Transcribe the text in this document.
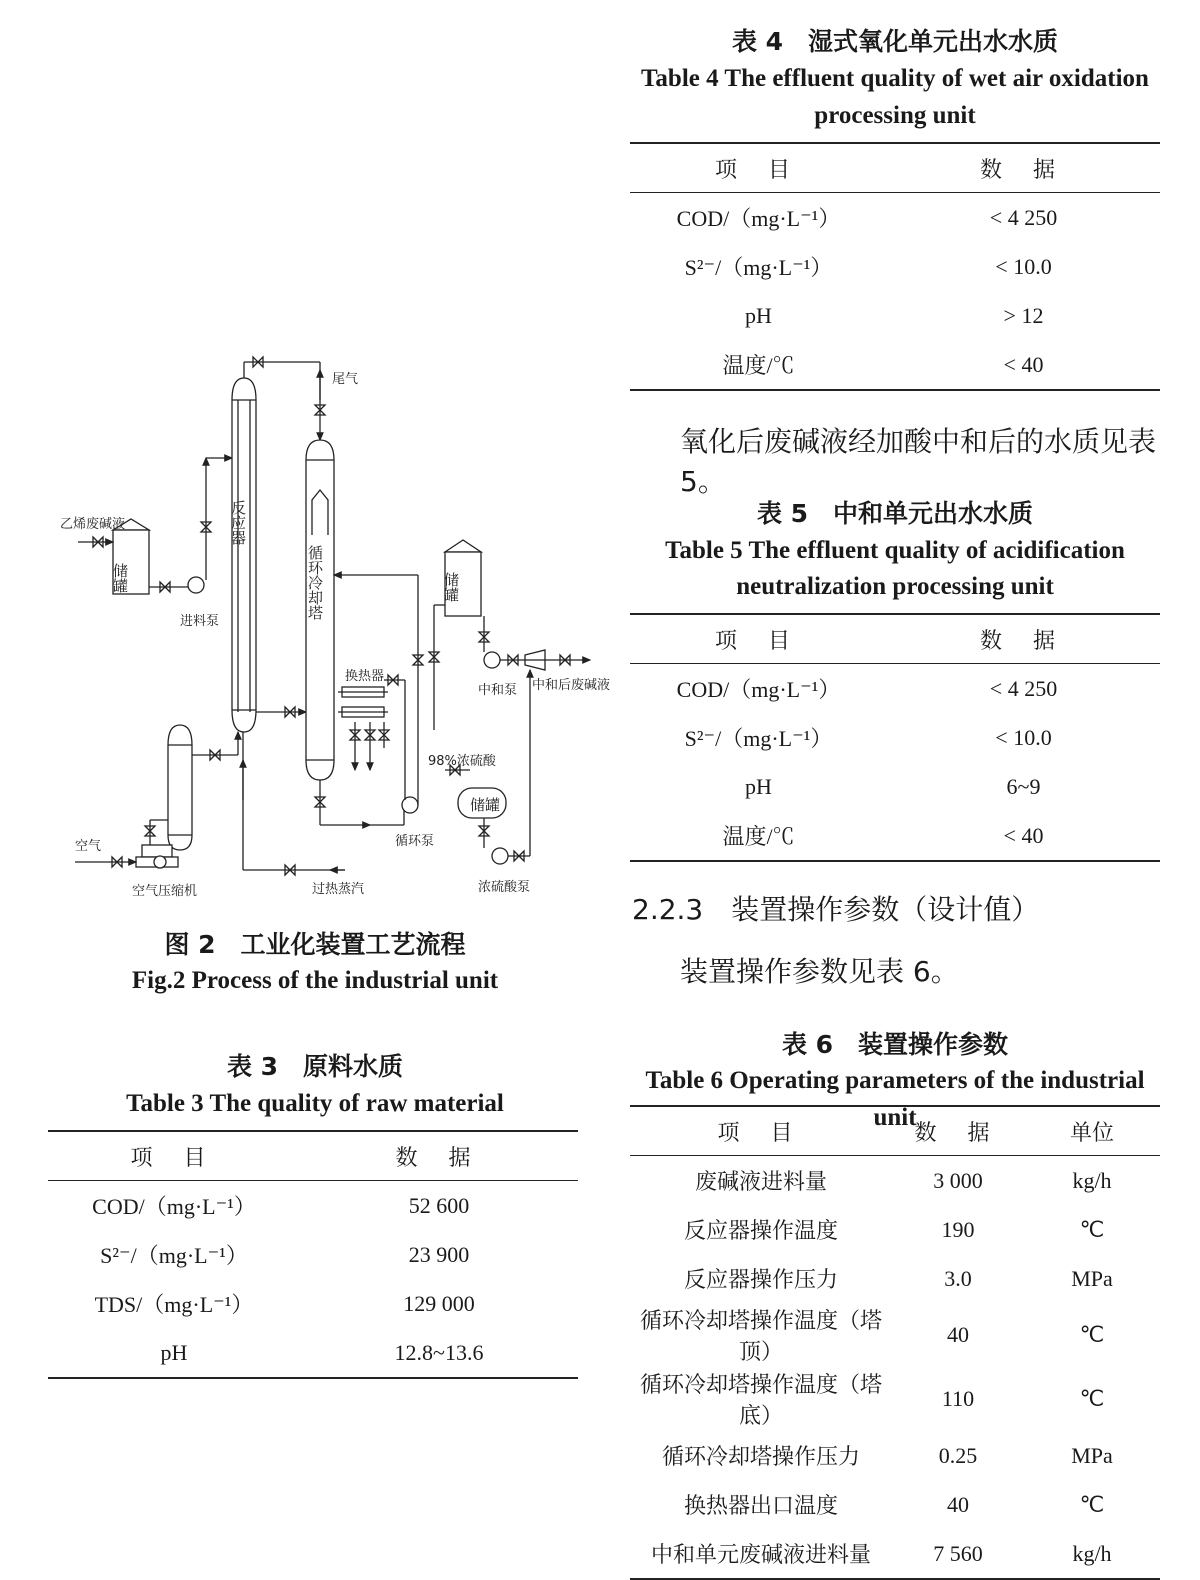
储罐
乙烯废碱液
进料泵
反应器
尾气
循环冷却塔
循环泵
换热器
储罐
中和泵 中和后废碱液
98%浓硫酸
储罐
浓硫酸泵
空气
空气压缩机	过热蒸汽
图 2　工业化装置工艺流程
Fig.2 Process of the industrial unit
表 3　原料水质
Table 3 The quality of raw material
项 目	数 据
COD/（mg·L⁻¹）	52 600
S²⁻/（mg·L⁻¹）	23 900
TDS/（mg·L⁻¹）	129 000
pH	12.8~13.6
表 4　湿式氧化单元出水水质
Table 4 The effluent quality of wet air oxidation
processing unit
项 目	数 据
COD/（mg·L⁻¹）	< 4 250
S²⁻/（mg·L⁻¹）	< 10.0
pH	> 12
温度/℃	< 40
氧化后废碱液经加酸中和后的水质见表 5。
表 5　中和单元出水水质
Table 5 The effluent quality of acidification
neutralization processing unit
项 目	数 据
COD/（mg·L⁻¹）	< 4 250
S²⁻/（mg·L⁻¹）	< 10.0
pH	6~9
温度/℃	< 40
2.2.3　装置操作参数（设计值）
装置操作参数见表 6。
表 6　装置操作参数
Table 6 Operating parameters of the industrial unit
项 目	数 据	单位
废碱液进料量	3 000	kg/h
反应器操作温度	190	℃
反应器操作压力	3.0	MPa
循环冷却塔操作温度（塔顶）	40	℃
循环冷却塔操作温度（塔底）	110	℃
循环冷却塔操作压力	0.25	MPa
换热器出口温度	40	℃
中和单元废碱液进料量	7 560	kg/h
